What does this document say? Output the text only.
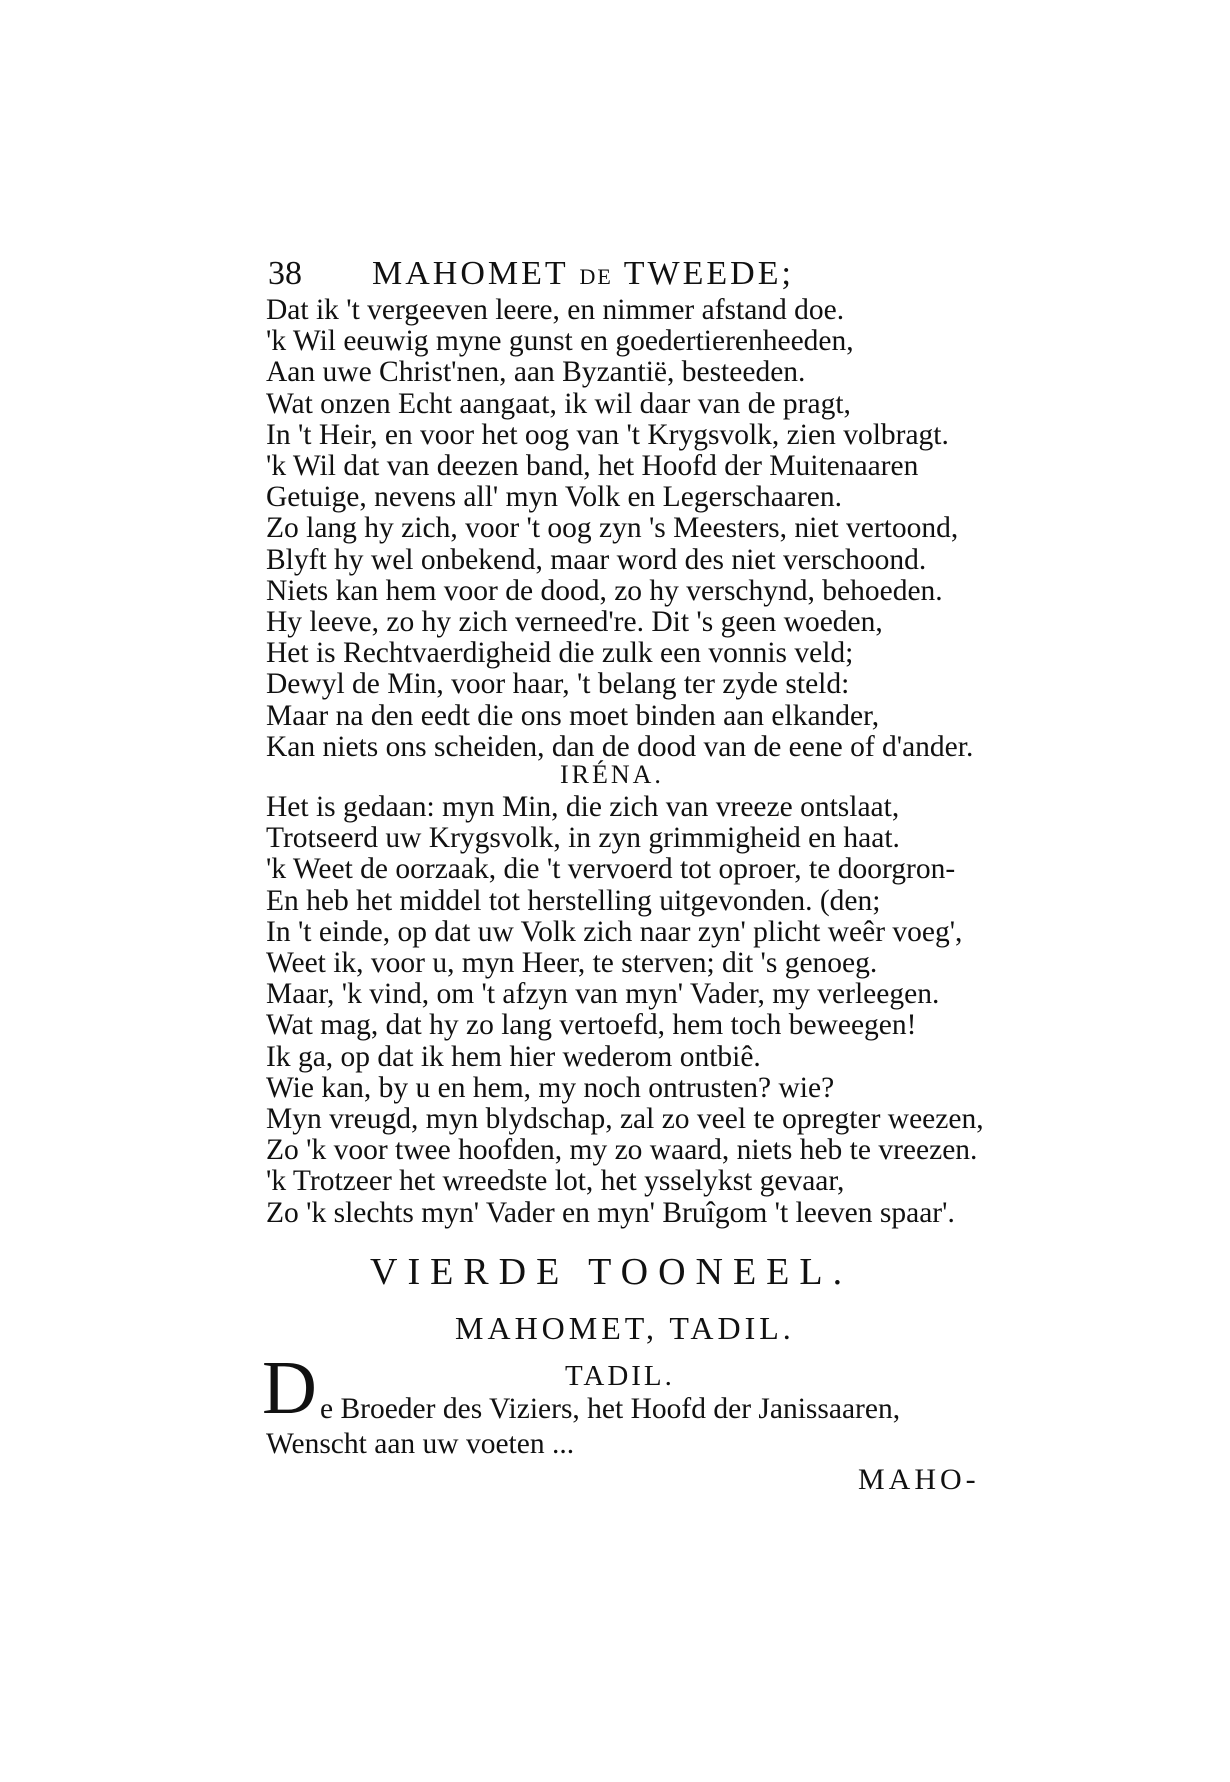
38 MAHOMET DE TWEEDE;
Dat ik 't vergeeven leere, en nimmer afstand doe.
'k Wil eeuwig myne gunst en goedertierenheeden,
Aan uwe Christ'nen, aan Byzantië, besteeden.
Wat onzen Echt aangaat, ik wil daar van de pragt,
In 't Heir, en voor het oog van 't Krygsvolk, zien volbragt.
'k Wil dat van deezen band, het Hoofd der Muitenaaren
Getuige, nevens all' myn Volk en Legerschaaren.
Zo lang hy zich, voor 't oog zyn 's Meesters, niet vertoond,
Blyft hy wel onbekend, maar word des niet verschoond.
Niets kan hem voor de dood, zo hy verschynd, behoeden.
Hy leeve, zo hy zich verneed'rе. Dit 's geen woeden,
Het is Rechtvaerdigheid die zulk een vonnis veld;
Dewyl de Min, voor haar, 't belang ter zyde steld:
Maar na den eedt die ons moet binden aan elkander,
Kan niets ons scheiden, dan de dood van de eene of d'ander.
IRÉNA.
Het is gedaan: myn Min, die zich van vreeze ontslaat,
Trotseerd uw Krygsvolk, in zyn grimmigheid en haat.
'k Weet de oorzaak, die 't vervoerd tot oproer, te doorgron-
En heb het middel tot herstelling uitgevonden. (den;
In 't einde, op dat uw Volk zich naar zyn' plicht weêr voeg',
Weet ik, voor u, myn Heer, te sterven; dit 's genoeg.
Maar, 'k vind, om 't afzyn van myn' Vader, my verleegen.
Wat mag, dat hy zo lang vertoefd, hem toch beweegen!
Ik ga, op dat ik hem hier wederom ontbiê.
Wie kan, by u en hem, my noch ontrusten? wie?
Myn vreugd, myn blydschap, zal zo veel te opregter weezen,
Zo 'k voor twee hoofden, my zo waard, niets heb te vreezen.
'k Trotzeer het wreedste lot, het ysselykst gevaar,
Zo 'k slechts myn' Vader en myn' Bruîgom 't leeven spaar'.
VIERDE TOONEEL.
MAHOMET, TADIL.
TADIL.
D e Broeder des Viziers, het Hoofd der Janissaaren,
Wenscht aan uw voeten ...
MAHO-
